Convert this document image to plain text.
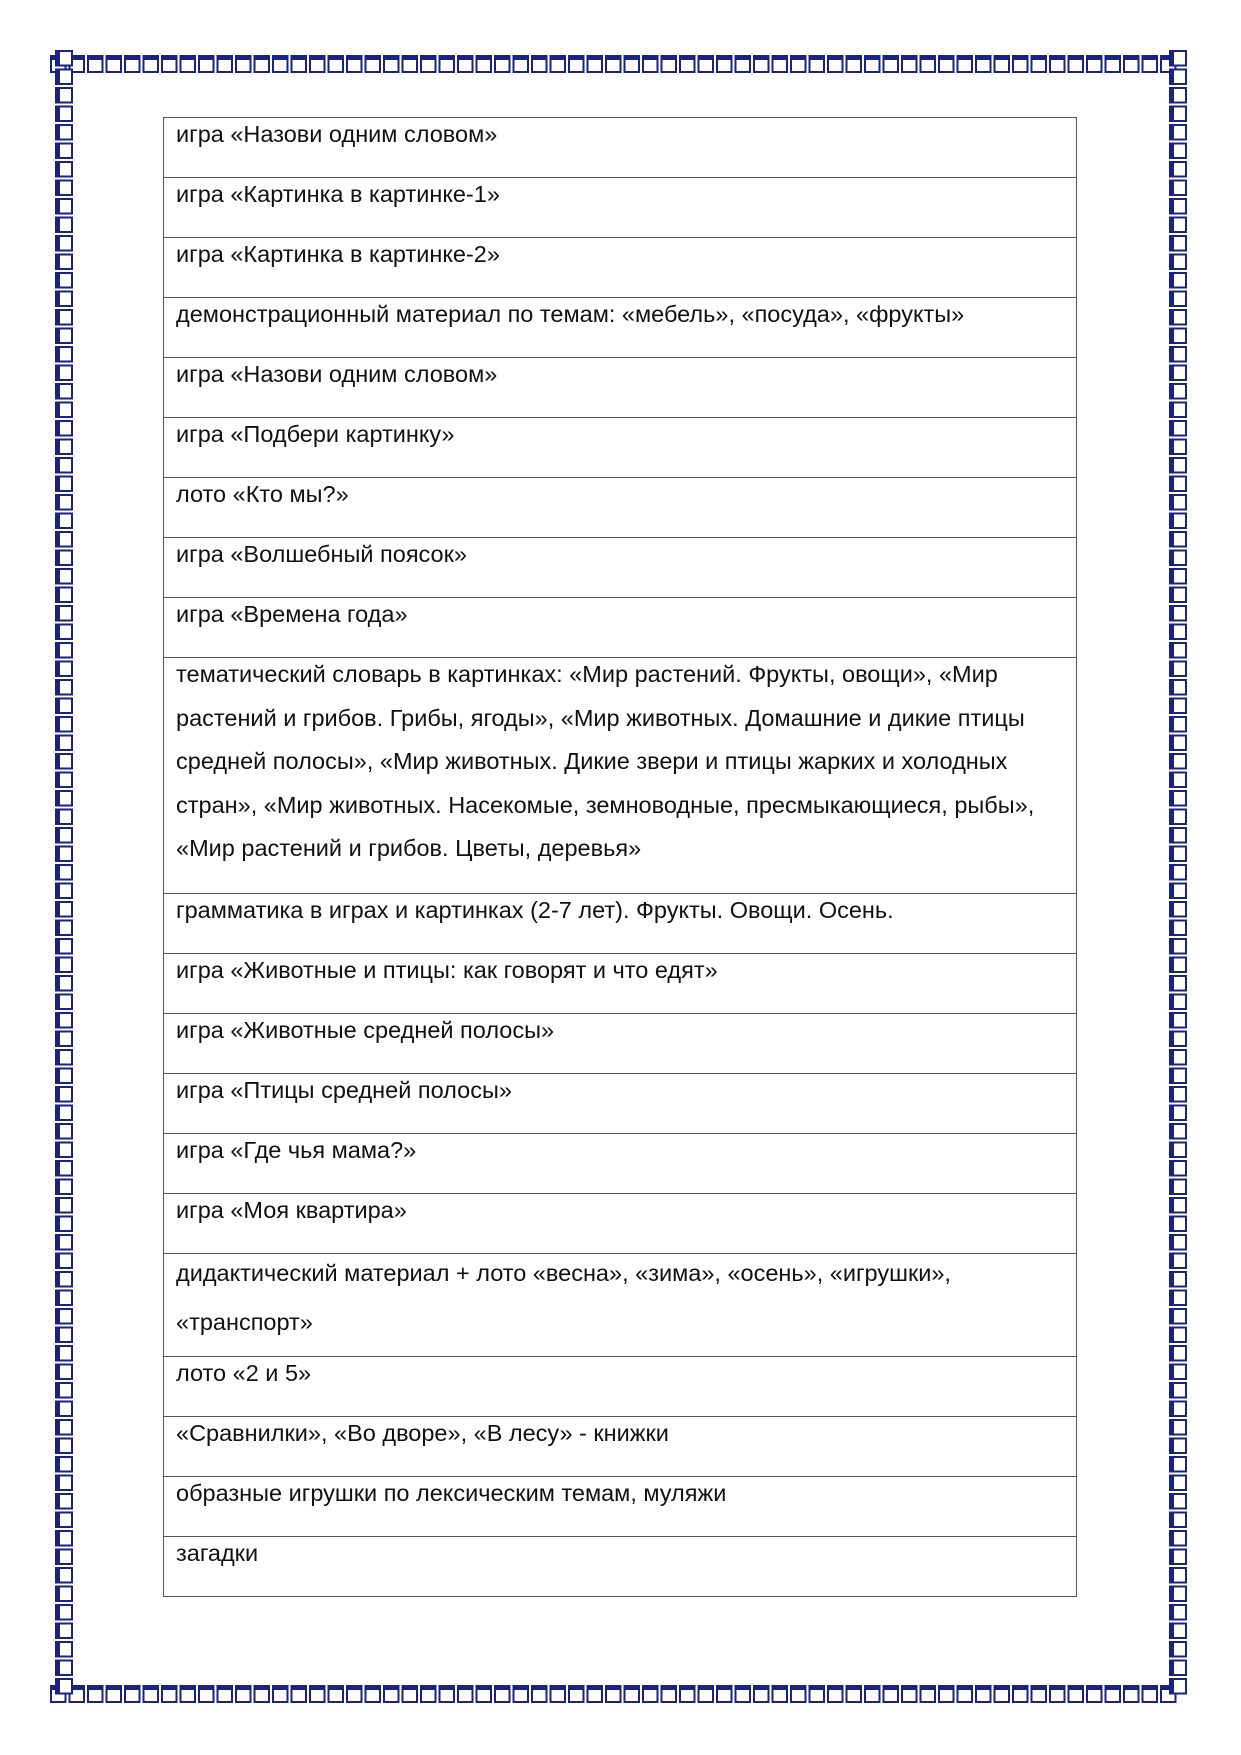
игра «Назови одним словом»

игра «Картинка в картинке-1»

игра «Картинка в картинке-2»

демонстрационный материал по темам: «мебель», «посуда», «фрукты»

игра «Назови одним словом»

игра «Подбери картинку»

лото «Кто мы?»

игра «Волшебный поясок»

игра «Времена года»

тематический словарь в картинках: «Мир растений. Фрукты, овощи», «Мир растений и грибов. Грибы, ягоды», «Мир животных. Домашние и дикие птицы средней полосы», «Мир животных. Дикие звери и птицы жарких и холодных стран», «Мир животных. Насекомые, земноводные, пресмыкающиеся, рыбы», «Мир растений и грибов. Цветы, деревья»

грамматика в играх и картинках (2-7 лет). Фрукты. Овощи. Осень.

игра «Животные и птицы: как говорят и что едят»

игра «Животные средней полосы»

игра «Птицы средней полосы»

игра «Где чья мама?»

игра «Моя квартира»

дидактический материал + лото «весна», «зима», «осень», «игрушки», «транспорт»

лото «2 и 5»

«Сравнилки», «Во дворе», «В лесу» - книжки

образные игрушки по лексическим темам, муляжи

загадки
